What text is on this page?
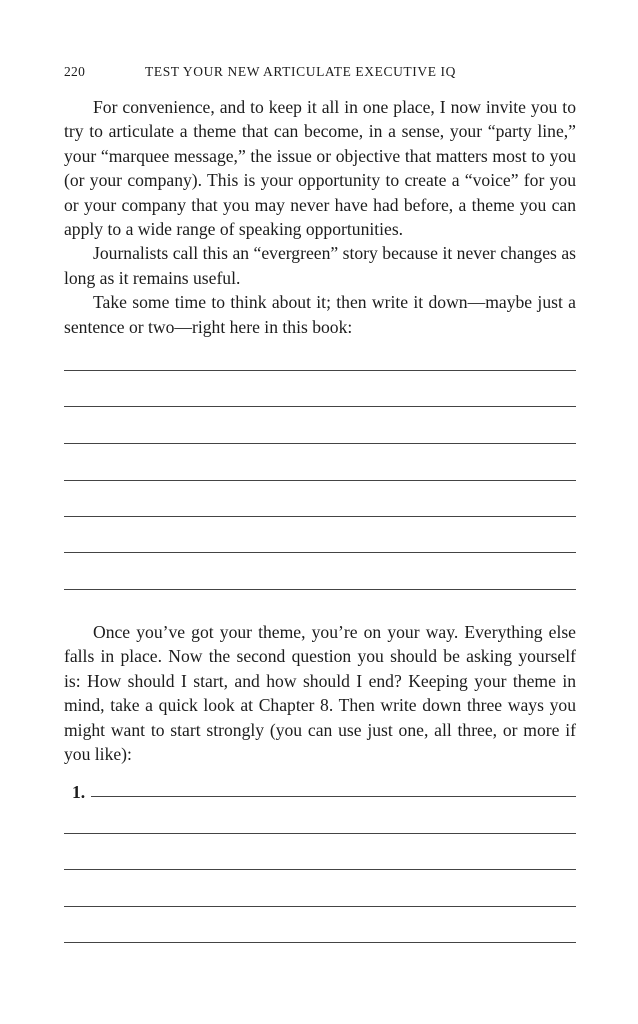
220	TEST YOUR NEW ARTICULATE EXECUTIVE IQ

For convenience, and to keep it all in one place, I now invite you to try to articulate a theme that can become, in a sense, your “party line,” your “marquee message,” the issue or objective that matters most to you (or your company). This is your opportunity to create a “voice” for you or your company that you may never have had before, a theme you can apply to a wide range of speaking opportunities.

Journalists call this an “evergreen” story because it never changes as long as it remains useful.

Take some time to think about it; then write it down—maybe just a sentence or two—right here in this book:

Once you’ve got your theme, you’re on your way. Everything else falls in place. Now the second question you should be asking yourself is: How should I start, and how should I end? Keeping your theme in mind, take a quick look at Chapter 8. Then write down three ways you might want to start strongly (you can use just one, all three, or more if you like):

1.
